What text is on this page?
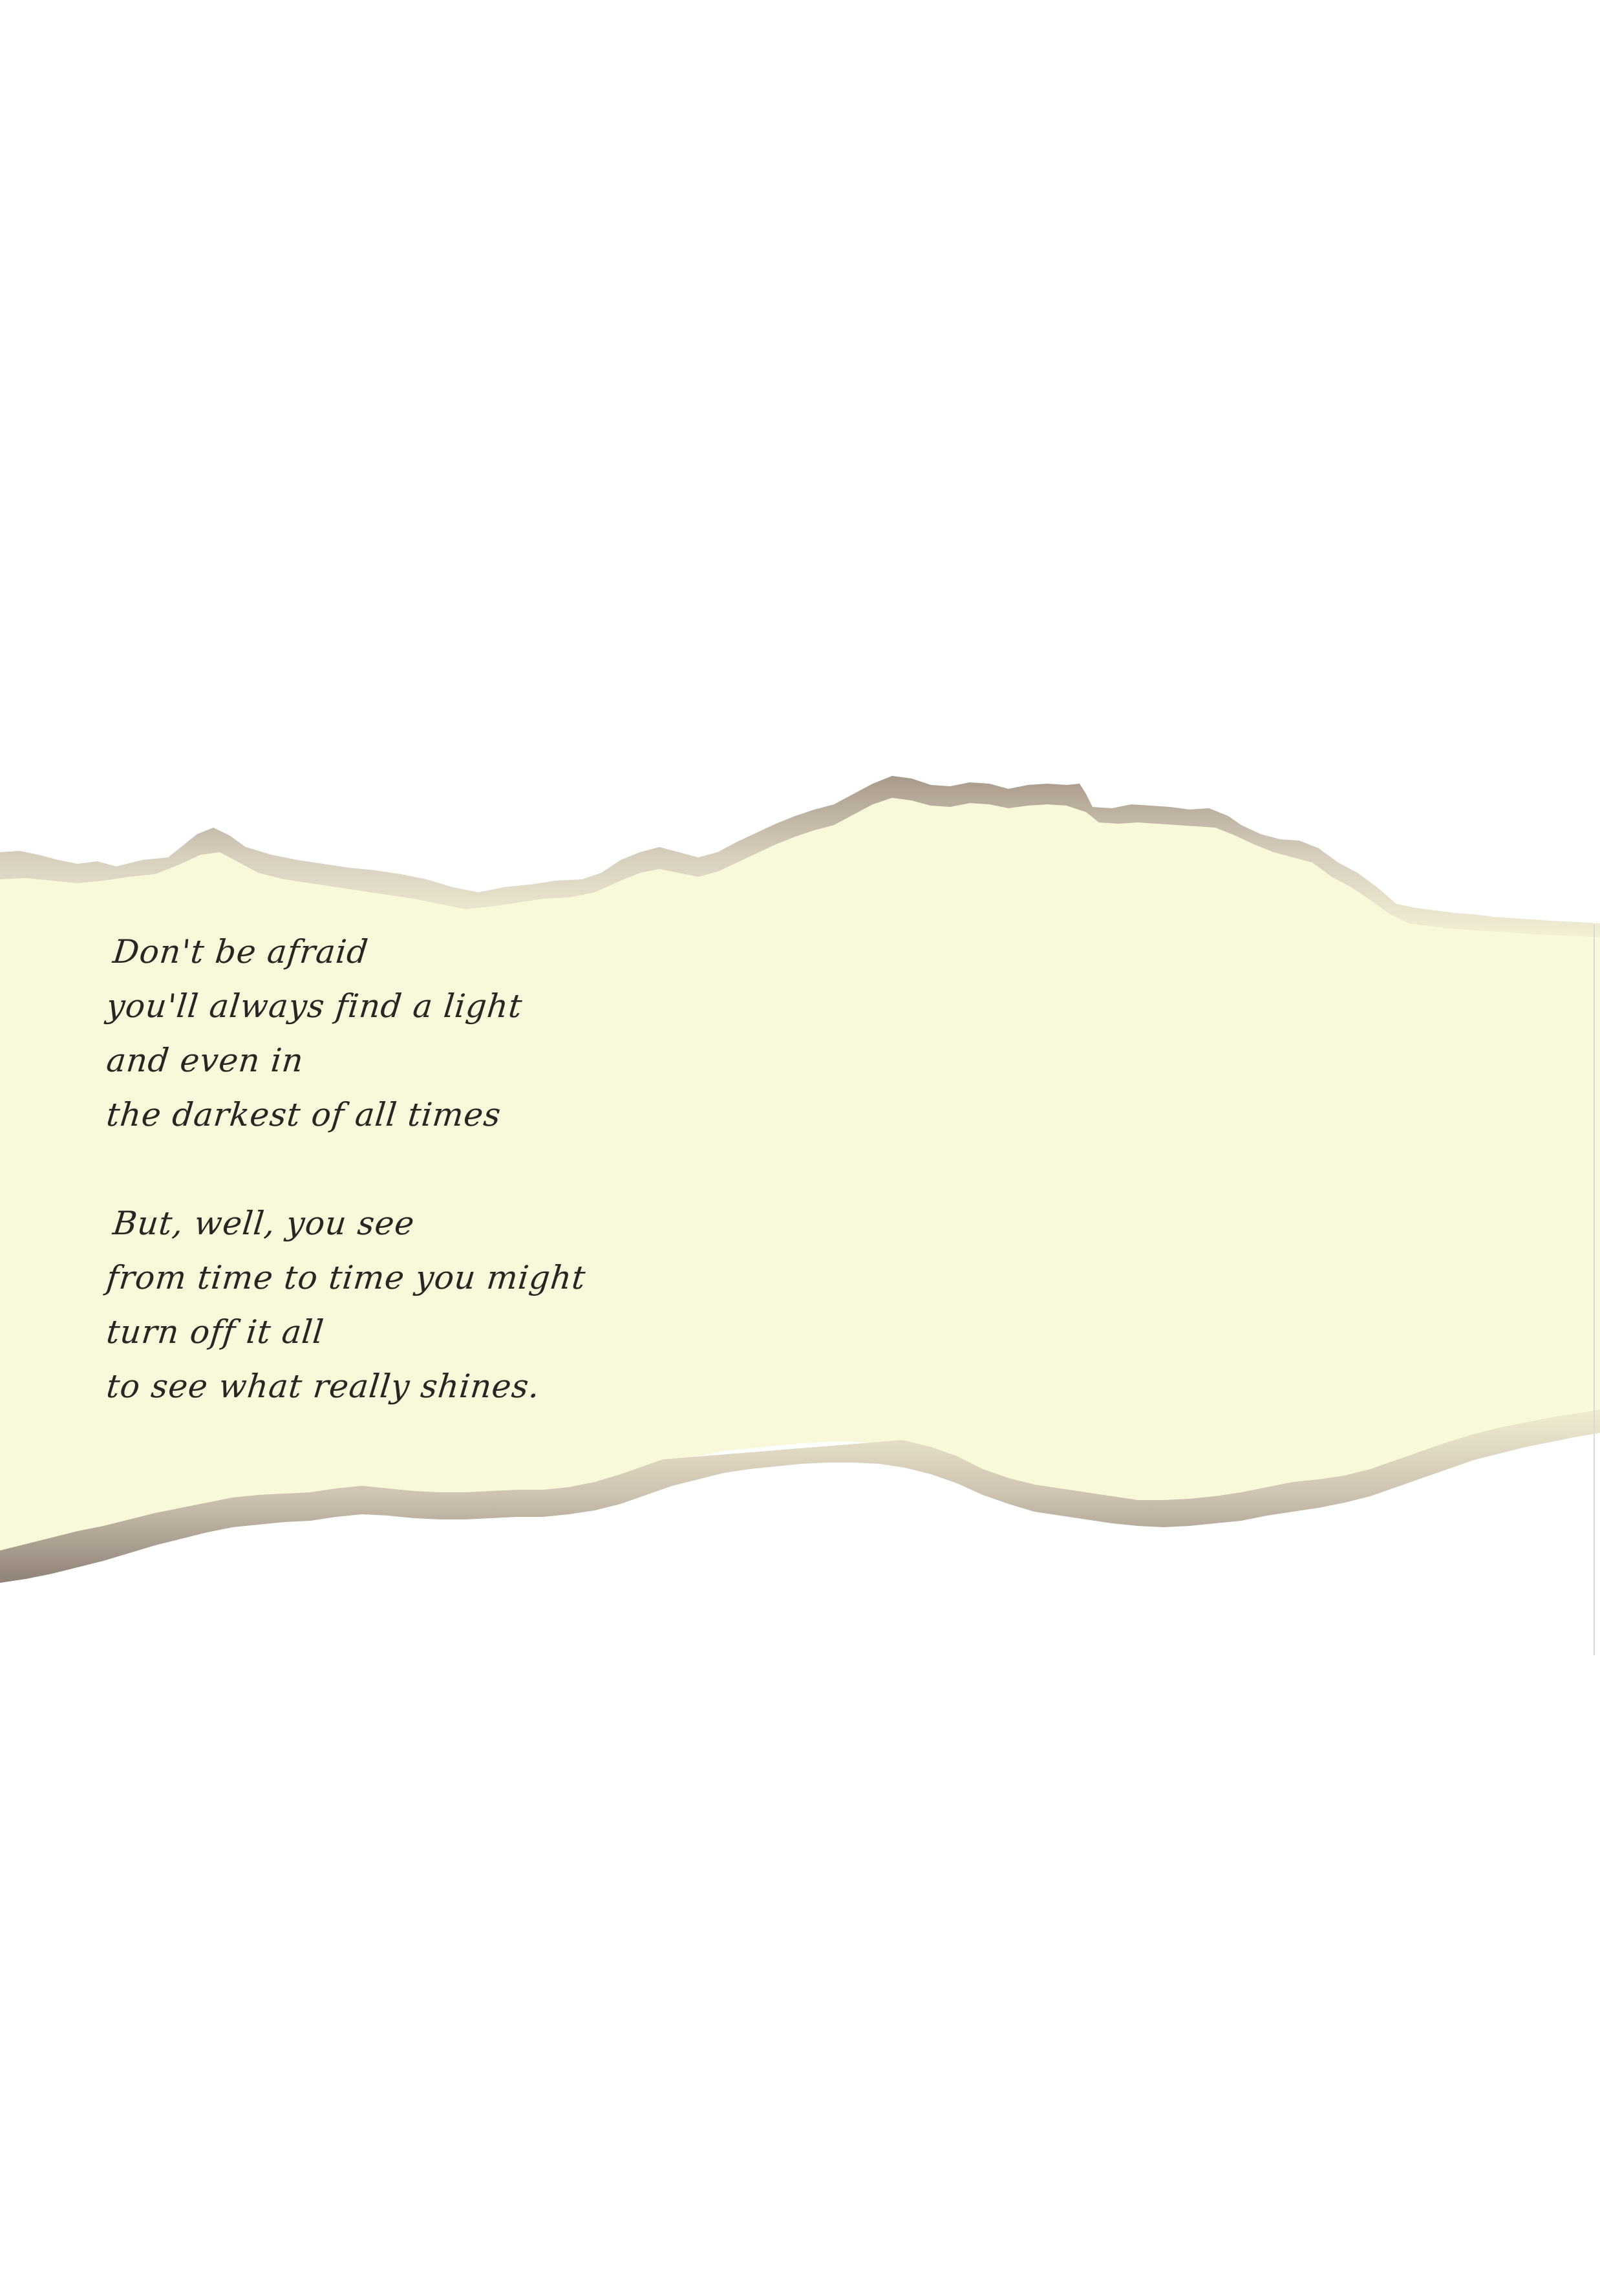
Don't be afraid
you'll always find a light
and even in
the darkest of all times
But, well, you see
from time to time you might
turn off it all
to see what really shines.
